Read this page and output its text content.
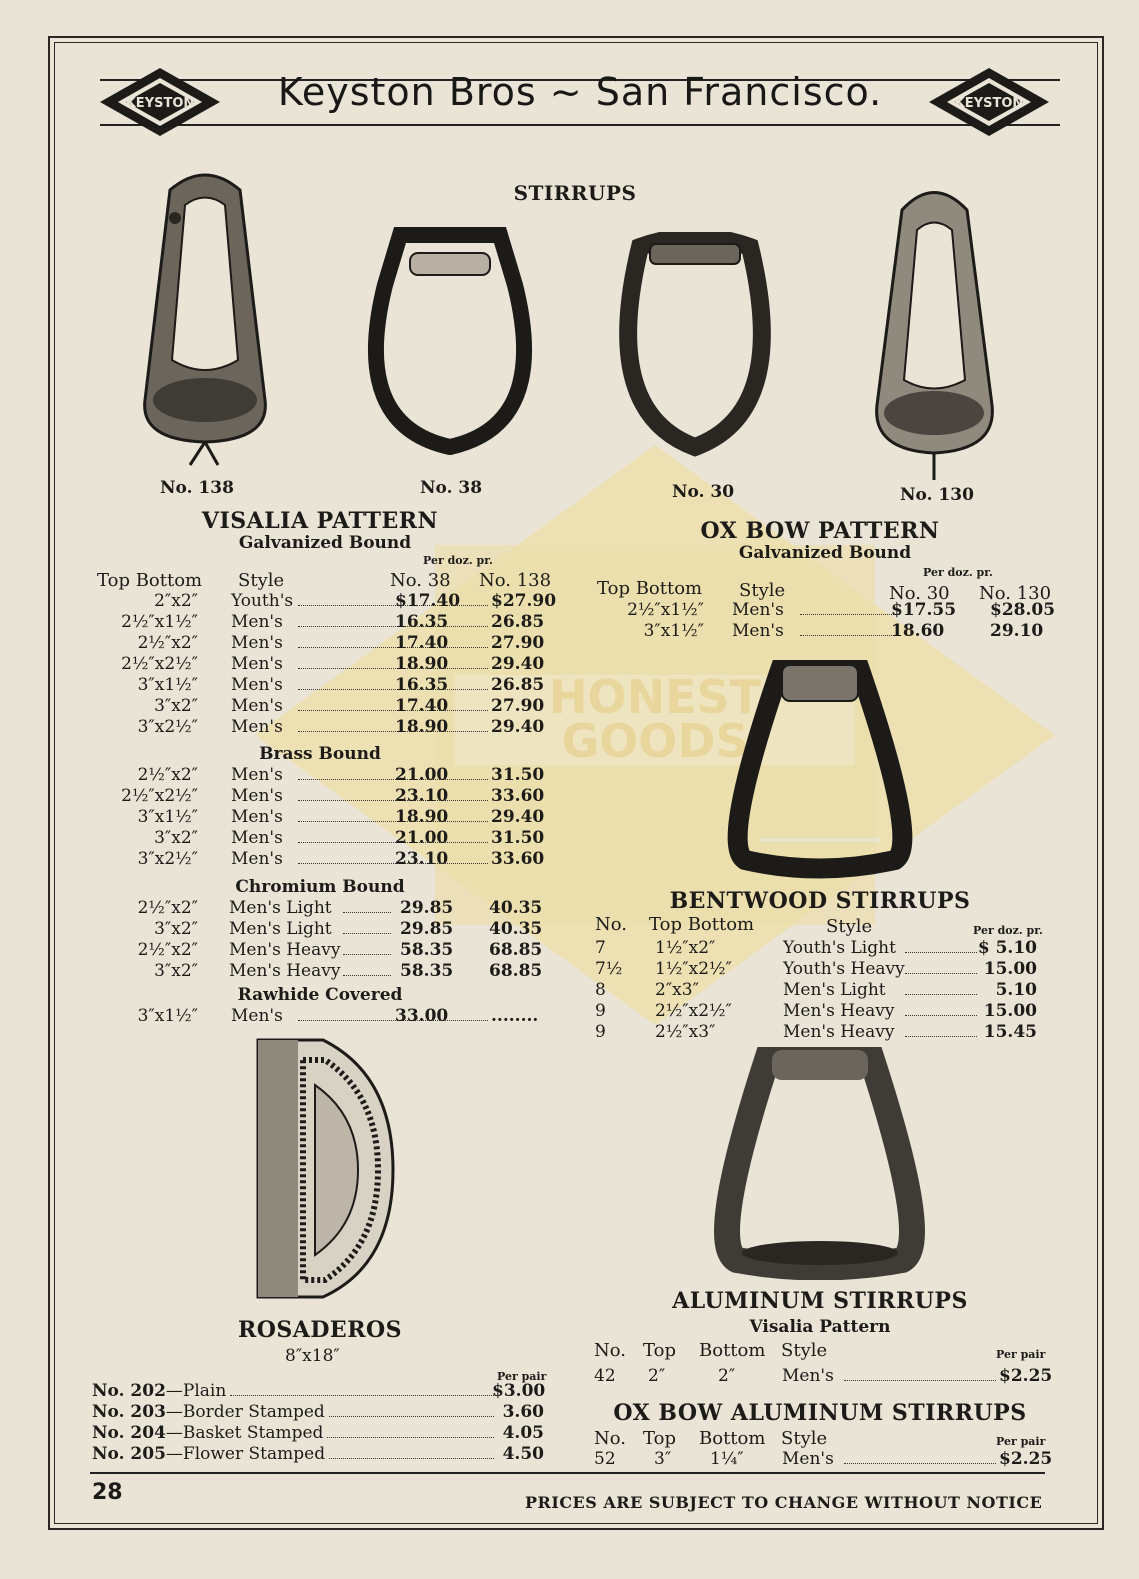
HONEST
GOODS
KEYSTON	KEYSTON
Keyston Bros ~ San Francisco.
STIRRUPS
No. 138	No. 38	No. 30	No. 130
VISALIA PATTERN
Galvanized Bound
Per doz. pr.
Top Bottom Style	No. 38 No. 138
2″x2″ Youth's	$17.40 $27.90
2½″x1½″ Men's	16.35	26.85
2½″x2″ Men's	17.40	27.90
2½″x2½″ Men's	18.90	29.40
3″x1½″ Men's	16.35	26.85
3″x2″ Men's	17.40	27.90
3″x2½″ Men's	18.90	29.40
Brass Bound
2½″x2″ Men's	21.00	31.50
2½″x2½″ Men's	23.10	33.60
3″x1½″ Men's	18.90	29.40
3″x2″ Men's	21.00	31.50
3″x2½″ Men's	23.10	33.60
Chromium Bound
2½″x2″ Men's Light	29.85 40.35
3″x2″ Men's Light	29.85 40.35
2½″x2″ Men's Heavy	58.35 68.85
3″x2″ Men's Heavy	58.35 68.85
Rawhide Covered
3″x1½″ Men's	33.00	........
OX BOW PATTERN
Galvanized Bound
Per doz. pr.
Top Bottom Style	No. 30 No. 130
2½″x1½″ Men's	$17.55 $28.05
3″x1½″ Men's	18.60	29.10
BENTWOOD STIRRUPS
No. Top Bottom	Style	Per doz. pr.
7	1½″x2″	Youth's Light	$ 5.10
7½ 1½″x2½″	Youth's Heavy	15.00
8	2″x3″	Men's Light	5.10
9	2½″x2½″	Men's Heavy	15.00
9	2½″x3″	Men's Heavy	15.45
ROSADEROS
8″x18″
Per pair
No. 202—Plain	$3.00
No. 203—Border Stamped	3.60
No. 204—Basket Stamped	4.05
No. 205—Flower Stamped	4.50
ALUMINUM STIRRUPS
Visalia Pattern
No. Top Bottom Style	Per pair
42 2″	2″	Men's	$2.25
OX BOW ALUMINUM STIRRUPS
No. Top Bottom Style	Per pair
52 3″ 1¼″ Men's	$2.25
28	PRICES ARE SUBJECT TO CHANGE WITHOUT NOTICE
